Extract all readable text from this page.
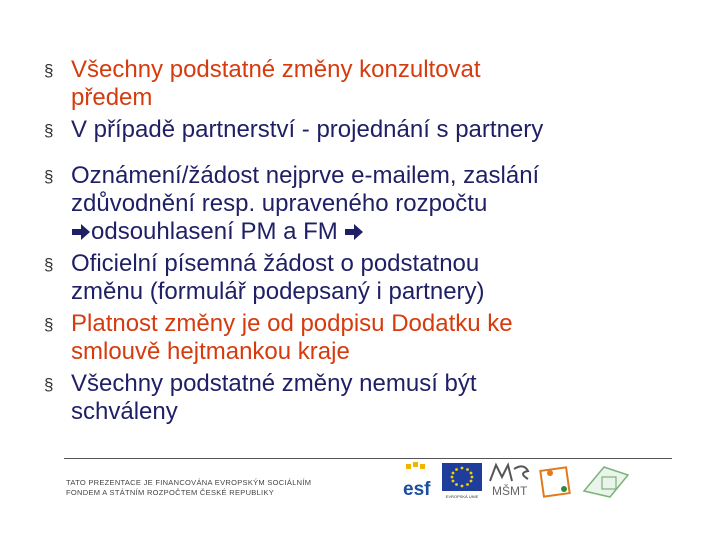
§ Všechny podstatné změny konzultovat
předem
§ V případě partnerství - projednání s partnery
§ Oznámení/žádost nejprve e-mailem, zaslání
zdůvodnění resp. upraveného rozpočtu
odsouhlasení PM a FM
§ Oficielní písemná žádost o podstatnou
změnu (formulář podepsaný i partnery)
§ Platnost změny je od podpisu Dodatku ke
smlouvě hejtmankou kraje
§ Všechny podstatné změny nemusí být
schváleny
TATO PREZENTACE JE FINANCOVÁNA EVROPSKÝM SOCIÁLNÍM
FONDEM A STÁTNÍM ROZPOČTEM ČESKÉ REPUBLIKY	esf	EVROPSKÁ UNIE MŠMT
